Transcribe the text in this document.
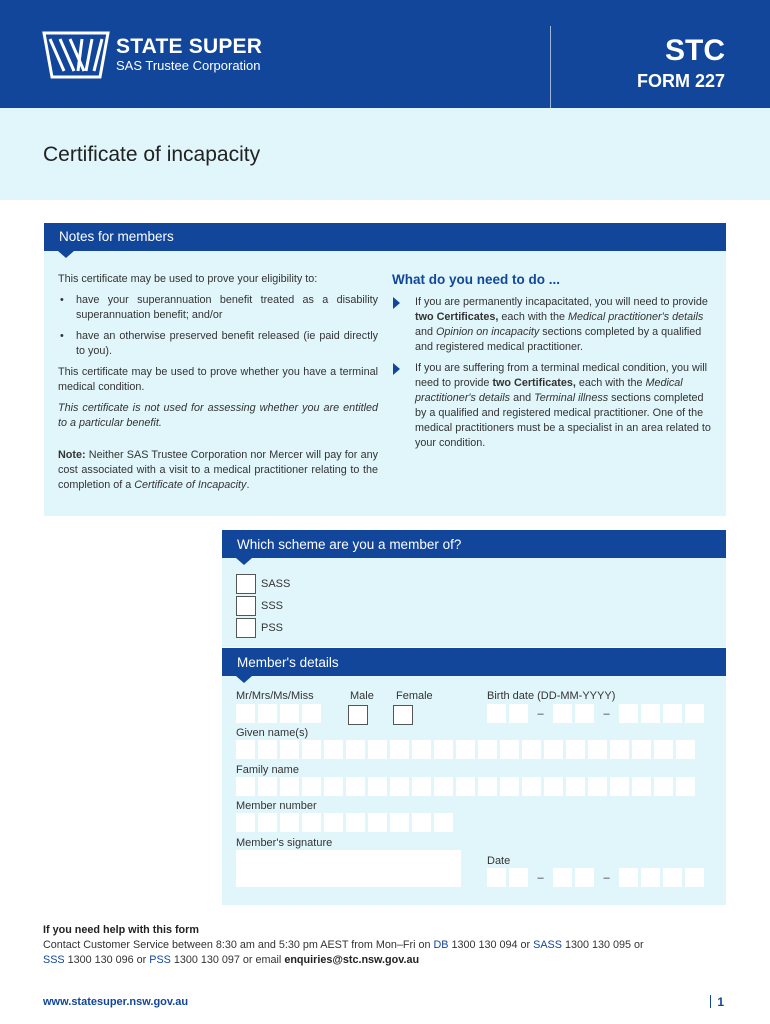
STATE SUPER
SAS Trustee Corporation	STC
FORM 227
Certificate of incapacity
Notes for members

This certificate may be used to prove your eligibility to:

• have your superannuation benefit treated as a disability superannuation benefit; and/or
• have an otherwise preserved benefit released (ie paid directly to you).

This certificate may be used to prove whether you have a terminal medical condition.

This certificate is not used for assessing whether you are entitled to a particular benefit.

Note: Neither SAS Trustee Corporation nor Mercer will pay for any cost associated with a visit to a medical practitioner relating to the completion of a Certificate of Incapacity.

What do you need to do ...
If you are permanently incapacitated, you will need to provide two Certificates, each with the Medical practitioner's details and Opinion on incapacity sections completed by a qualified and registered medical practitioner.
If you are suffering from a terminal medical condition, you will need to provide two Certificates, each with the Medical practitioner's details and Terminal illness sections completed by a qualified and registered medical practitioner. One of the medical practitioners must be a specialist in an area related to your condition.
Which scheme are you a member of?
SASS
SSS
PSS
Member's details
Mr/Mrs/Ms/Miss	Male Female	Birth date (DD-MM-YYYY)
–	–
Given name(s)
Family name
Member number
Member's signature
Date
–	–
If you need help with this form
Contact Customer Service between 8:30 am and 5:30 pm AEST from Mon–Fri on DB 1300 130 094 or SASS 1300 130 095 or
SSS 1300 130 096 or PSS 1300 130 097 or email enquiries@stc.nsw.gov.au
www.statesuper.nsw.gov.au	1
